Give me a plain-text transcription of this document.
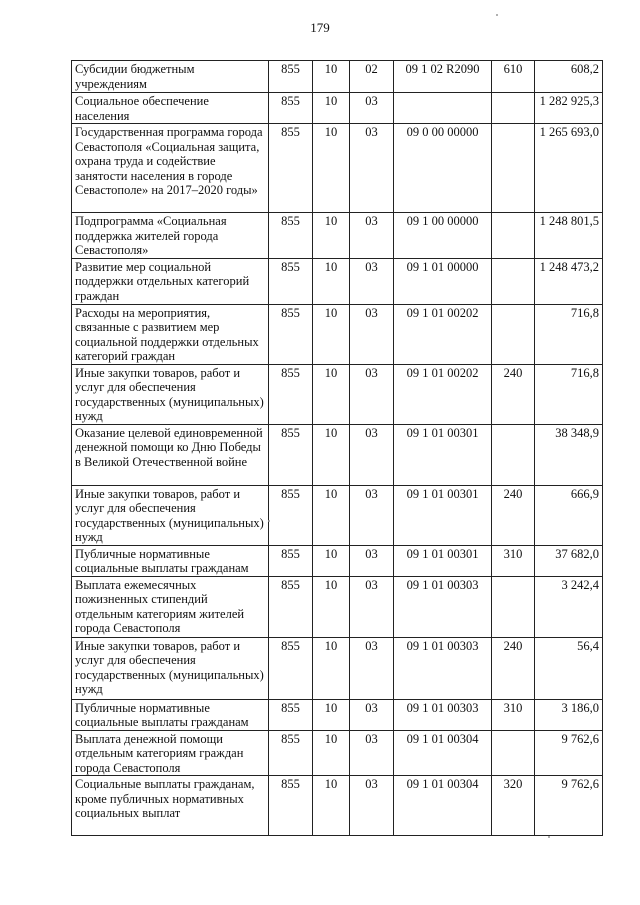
179
Субсидии бюджетным учреждениям	855	10	02	09 1 02 R2090	610	608,2
Социальное обеспечение населения	855	10	03			1 282 925,3
Государственная программа города Севастополя «Социальная защита, охрана труда и содействие занятости населения в городе Севастополе» на 2017–2020 годы»	855	10	03	09 0 00 00000		1 265 693,0
Подпрограмма «Социальная поддержка жителей города Севастополя»	855	10	03	09 1 00 00000		1 248 801,5
Развитие мер социальной поддержки отдельных категорий граждан	855	10	03	09 1 01 00000		1 248 473,2
Расходы на мероприятия, связанные с развитием мер социальной поддержки отдельных категорий граждан	855	10	03	09 1 01 00202		716,8
Иные закупки товаров, работ и услуг для обеспечения государственных (муниципальных) нужд	855	10	03	09 1 01 00202	240	716,8
Оказание целевой единовременной денежной помощи ко Дню Победы в Великой Отечественной войне	855	10	03	09 1 01 00301		38 348,9
Иные закупки товаров, работ и услуг для обеспечения государственных (муниципальных) нужд	855	10	03	09 1 01 00301	240	666,9
Публичные нормативные социальные выплаты гражданам	855	10	03	09 1 01 00301	310	37 682,0
Выплата ежемесячных пожизненных стипендий отдельным категориям жителей города Севастополя	855	10	03	09 1 01 00303		3 242,4
Иные закупки товаров, работ и услуг для обеспечения государственных (муниципальных) нужд	855	10	03	09 1 01 00303	240	56,4
Публичные нормативные социальные выплаты гражданам	855	10	03	09 1 01 00303	310	3 186,0
Выплата денежной помощи отдельным категориям граждан города Севастополя	855	10	03	09 1 01 00304		9 762,6
Социальные выплаты гражданам, кроме публичных нормативных социальных выплат	855	10	03	09 1 01 00304	320	9 762,6
